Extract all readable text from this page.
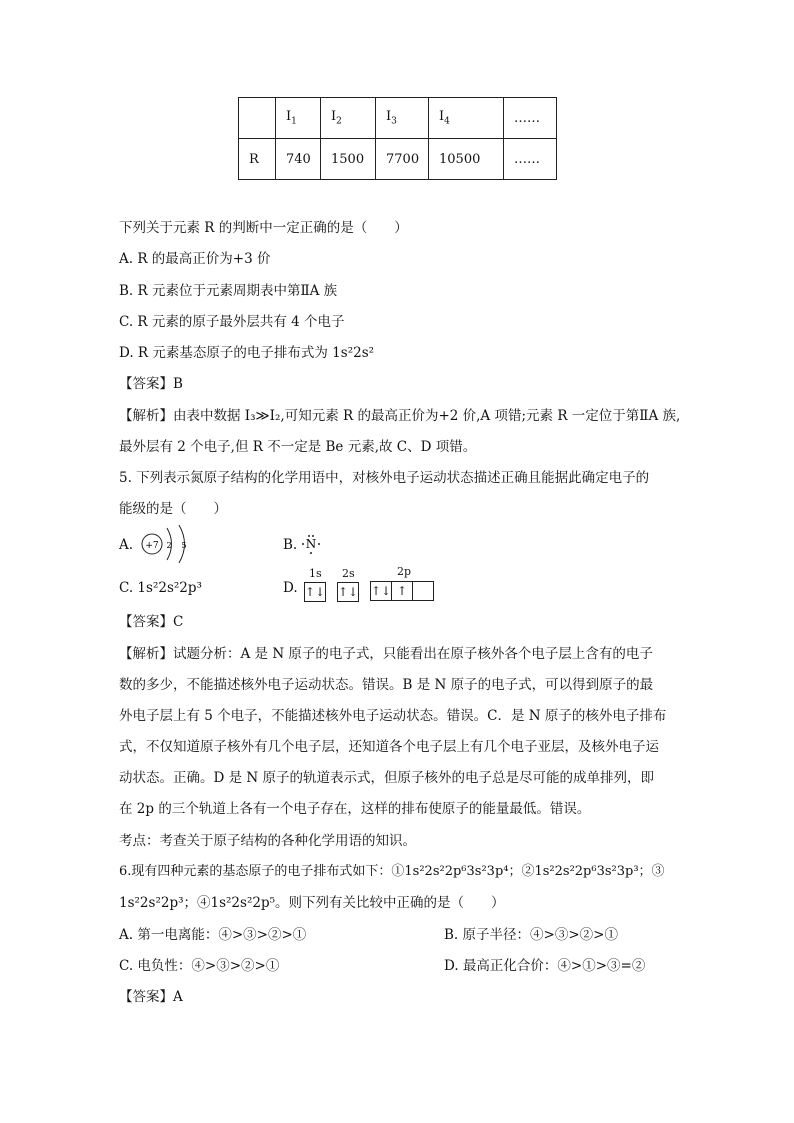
	$I_1$	$I_2$	$I_3$	$I_4$	……
R	740	1500	7700	10500	……
下列关于元素 R 的判断中一定正确的是（　　）
A. R 的最高正价为+3 价
B. R 元素位于元素周期表中第ⅡA 族
C. R 元素的原子最外层共有 4 个电子
D. R 元素基态原子的电子排布式为 1s²2s²
【答案】B
【解析】由表中数据 I₃≫I₂,可知元素 R 的最高正价为+2 价,A 项错;元素 R 一定位于第ⅡA 族,
最外层有 2 个电子,但 R 不一定是 Be 元素,故 C、D 项错。
5. 下列表示氮原子结构的化学用语中，对核外电子运动状态描述正确且能据此确定电子的
能级的是（　　）
A. +7 2 5	B. N
C. 1s²2s²2p³	D.
1s 2s	2p
↑↓ ↑↓ ↑↓ ↑
【答案】C
【解析】试题分析：A 是 N 原子的电子式，只能看出在原子核外各个电子层上含有的电子
数的多少，不能描述核外电子运动状态。错误。B 是 N 原子的电子式，可以得到原子的最
外电子层上有 5 个电子，不能描述核外电子运动状态。错误。C．是 N 原子的核外电子排布
式，不仅知道原子核外有几个电子层，还知道各个电子层上有几个电子亚层，及核外电子运
动状态。正确。D 是 N 原子的轨道表示式，但原子核外的电子总是尽可能的成单排列，即
在 2p 的三个轨道上各有一个电子存在，这样的排布使原子的能量最低。错误。
考点：考查关于原子结构的各种化学用语的知识。
6.现有四种元素的基态原子的电子排布式如下：①1s²2s²2p⁶3s²3p⁴；②1s²2s²2p⁶3s²3p³；③
1s²2s²2p³；④1s²2s²2p⁵。则下列有关比较中正确的是（　　）
A. 第一电离能：④>③>②>①	B. 原子半径：④>③>②>①
C. 电负性：④>③>②>①	D. 最高正化合价：④>①>③=②
【答案】A
